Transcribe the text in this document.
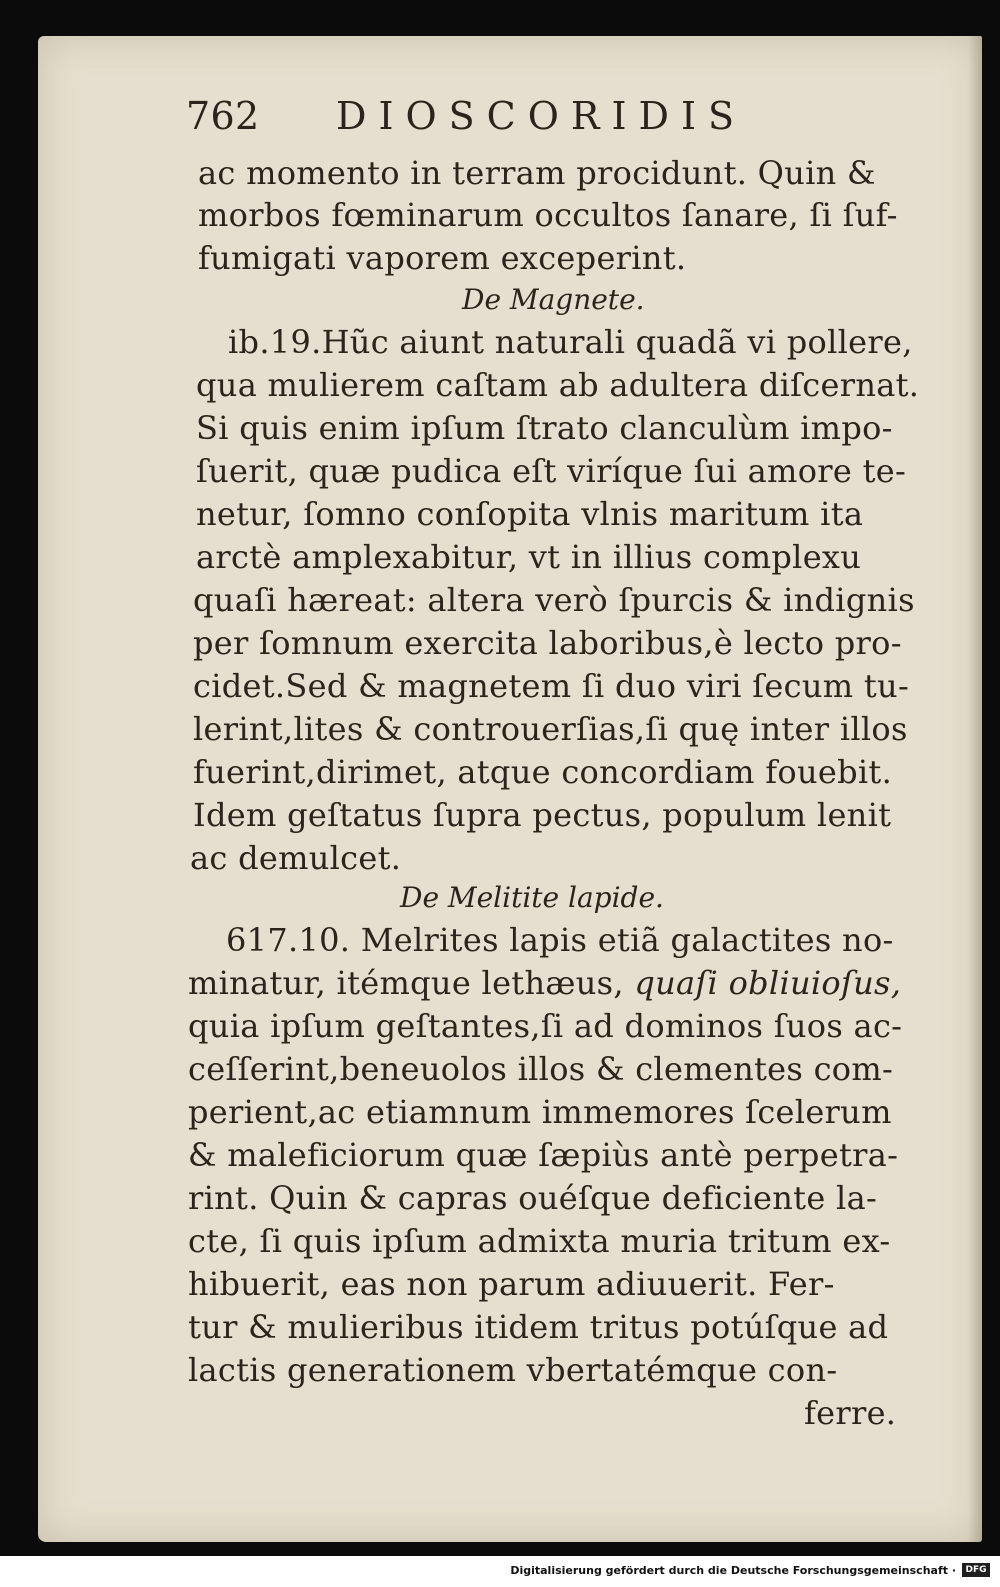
762 DIOSCORIDIS
ac momento in terram procidunt. Quin &
morbos fœminarum occultos ſanare, ſi ſuf-
fumigati vaporem exceperint.
De Magnete.
ib.19.Hũc aiunt naturali quadã vi pollere,
qua mulierem caſtam ab adultera diſcernat.
Si quis enim ipſum ſtrato clanculùm impo-
ſuerit, quæ pudica eſt viríque ſui amore te-
netur, ſomno conſopita vlnis maritum ita
arctè amplexabitur, vt in illius complexu
quaſi hæreat: altera verò ſpurcis & indignis
per ſomnum exercita laboribus,è lecto pro-
cidet.Sed & magnetem ſi duo viri ſecum tu-
lerint,lites & controuerſias,ſi quę inter illos
fuerint,dirimet, atque concordiam fouebit.
Idem geſtatus ſupra pectus, populum lenit
ac demulcet.
De Melitite lapide.
617.10. Melrites lapis etiã galactites no-
minatur, itémque lethæus, quaſi obliuioſus,
quia ipſum geſtantes,ſi ad dominos ſuos ac-
ceſſerint,beneuolos illos & clementes com-
perient,ac etiamnum immemores ſcelerum
& maleficiorum quæ ſæpiùs antè perpetra-
rint. Quin & capras ouéſque deficiente la-
cte, ſi quis ipſum admixta muria tritum ex-
hibuerit, eas non parum adiuuerit. Fer-
tur & mulieribus itidem tritus potúſque ad
lactis generationem vbertatémque con-
ferre.
Digitalisierung gefördert durch die Deutsche Forschungsgemeinschaft ·	DFG
